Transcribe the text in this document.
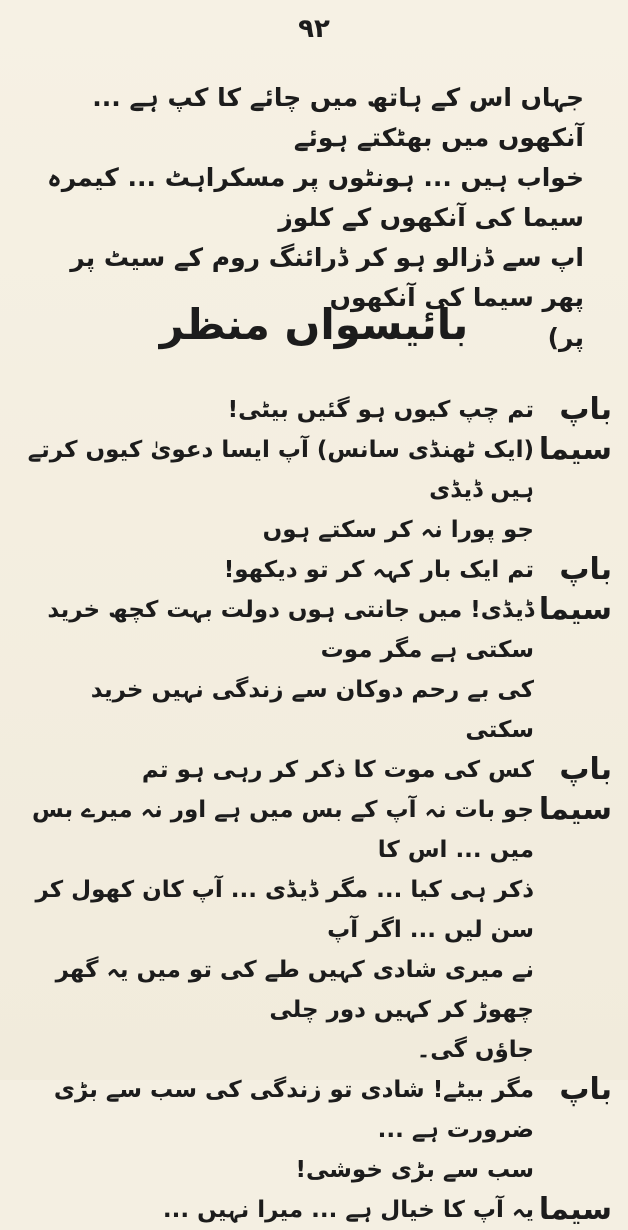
۹۲

جہاں اس کے ہاتھ میں چائے کا کپ ہے ... آنکھوں میں بھٹکتے ہوئے

خواب ہیں ... ہونٹوں پر مسکراہٹ ... کیمرہ سیما کی آنکھوں کے کلوز

اپ سے ڈزالو ہو کر ڈرائنگ روم کے سیٹ پر پھر سیما کی آنکھوں

پر)

بائیسواں منظر
باپ

تم چپ کیوں ہو گئیں بیٹی!

سیما

(ایک ٹھنڈی سانس) آپ ایسا دعویٰ کیوں کرتے ہیں ڈیڈی

جو پورا نہ کر سکتے ہوں

باپ

تم ایک بار کہہ کر تو دیکھو!

سیما

ڈیڈی! میں جانتی ہوں دولت بہت کچھ خرید سکتی ہے مگر موت

کی بے رحم دوکان سے زندگی نہیں خرید سکتی

باپ

کس کی موت کا ذکر کر رہی ہو تم

سیما

جو بات نہ آپ کے بس میں ہے اور نہ میرے بس میں ... اس کا

ذکر ہی کیا ... مگر ڈیڈی ... آپ کان کھول کر سن لیں ... اگر آپ

نے میری شادی کہیں طے کی تو میں یہ گھر چھوڑ کر کہیں دور چلی

جاؤں گی۔

باپ

مگر بیٹے! شادی تو زندگی کی سب سے بڑی ضرورت ہے ...

سب سے بڑی خوشی!

سیما

یہ آپ کا خیال ہے ... میرا نہیں ...
